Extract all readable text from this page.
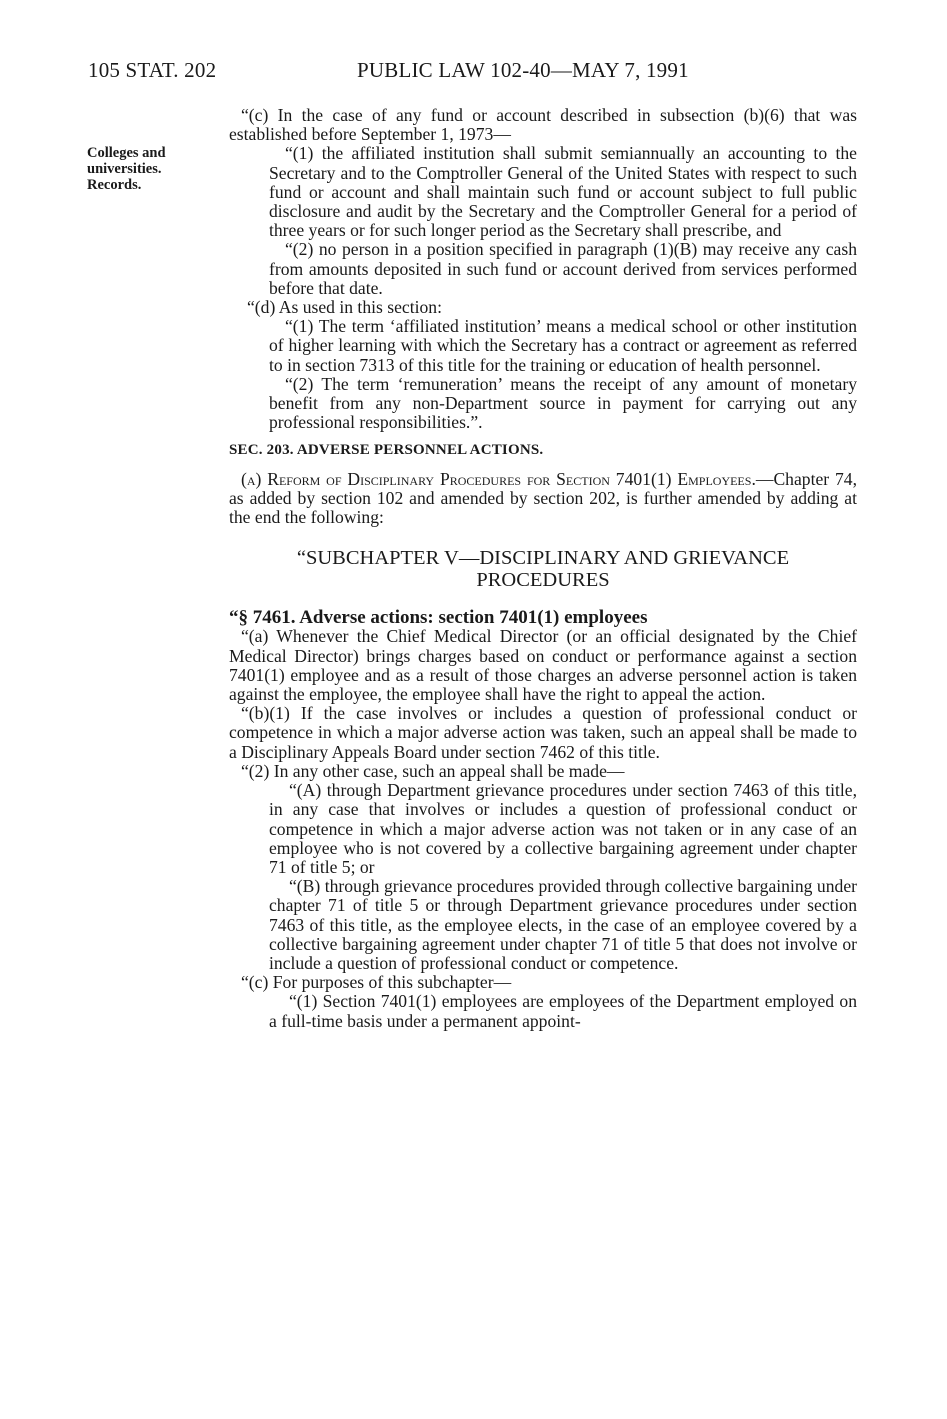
105 STAT. 202	PUBLIC LAW 102-40—MAY 7, 1991
Colleges and
universities.
Records.

“(c) In the case of any fund or account described in subsection (b)(6) that was established before September 1, 1973—

“(1) the affiliated institution shall submit semiannually an accounting to the Secretary and to the Comptroller General of the United States with respect to such fund or account and shall maintain such fund or account subject to full public disclosure and audit by the Secretary and the Comptroller General for a period of three years or for such longer period as the Secretary shall prescribe, and

“(2) no person in a position specified in paragraph (1)(B) may receive any cash from amounts deposited in such fund or account derived from services performed before that date.

“(d) As used in this section:

“(1) The term ‘affiliated institution’ means a medical school or other institution of higher learning with which the Secretary has a contract or agreement as referred to in section 7313 of this title for the training or education of health personnel.

“(2) The term ‘remuneration’ means the receipt of any amount of monetary benefit from any non-Department source in payment for carrying out any professional responsibilities.”.

SEC. 203. ADVERSE PERSONNEL ACTIONS.

(a) Reform of Disciplinary Procedures for Section 7401(1) Employees.—Chapter 74, as added by section 102 and amended by section 202, is further amended by adding at the end the following:

“SUBCHAPTER V—DISCIPLINARY AND GRIEVANCE
PROCEDURES

“§ 7461. Adverse actions: section 7401(1) employees

“(a) Whenever the Chief Medical Director (or an official designated by the Chief Medical Director) brings charges based on conduct or performance against a section 7401(1) employee and as a result of those charges an adverse personnel action is taken against the employee, the employee shall have the right to appeal the action.

“(b)(1) If the case involves or includes a question of professional conduct or competence in which a major adverse action was taken, such an appeal shall be made to a Disciplinary Appeals Board under section 7462 of this title.

“(2) In any other case, such an appeal shall be made—

“(A) through Department grievance procedures under section 7463 of this title, in any case that involves or includes a question of professional conduct or competence in which a major adverse action was not taken or in any case of an employee who is not covered by a collective bargaining agreement under chapter 71 of title 5; or

“(B) through grievance procedures provided through collective bargaining under chapter 71 of title 5 or through Department grievance procedures under section 7463 of this title, as the employee elects, in the case of an employee covered by a collective bargaining agreement under chapter 71 of title 5 that does not involve or include a question of professional conduct or competence.

“(c) For purposes of this subchapter—

“(1) Section 7401(1) employees are employees of the Department employed on a full-time basis under a permanent appoint-
